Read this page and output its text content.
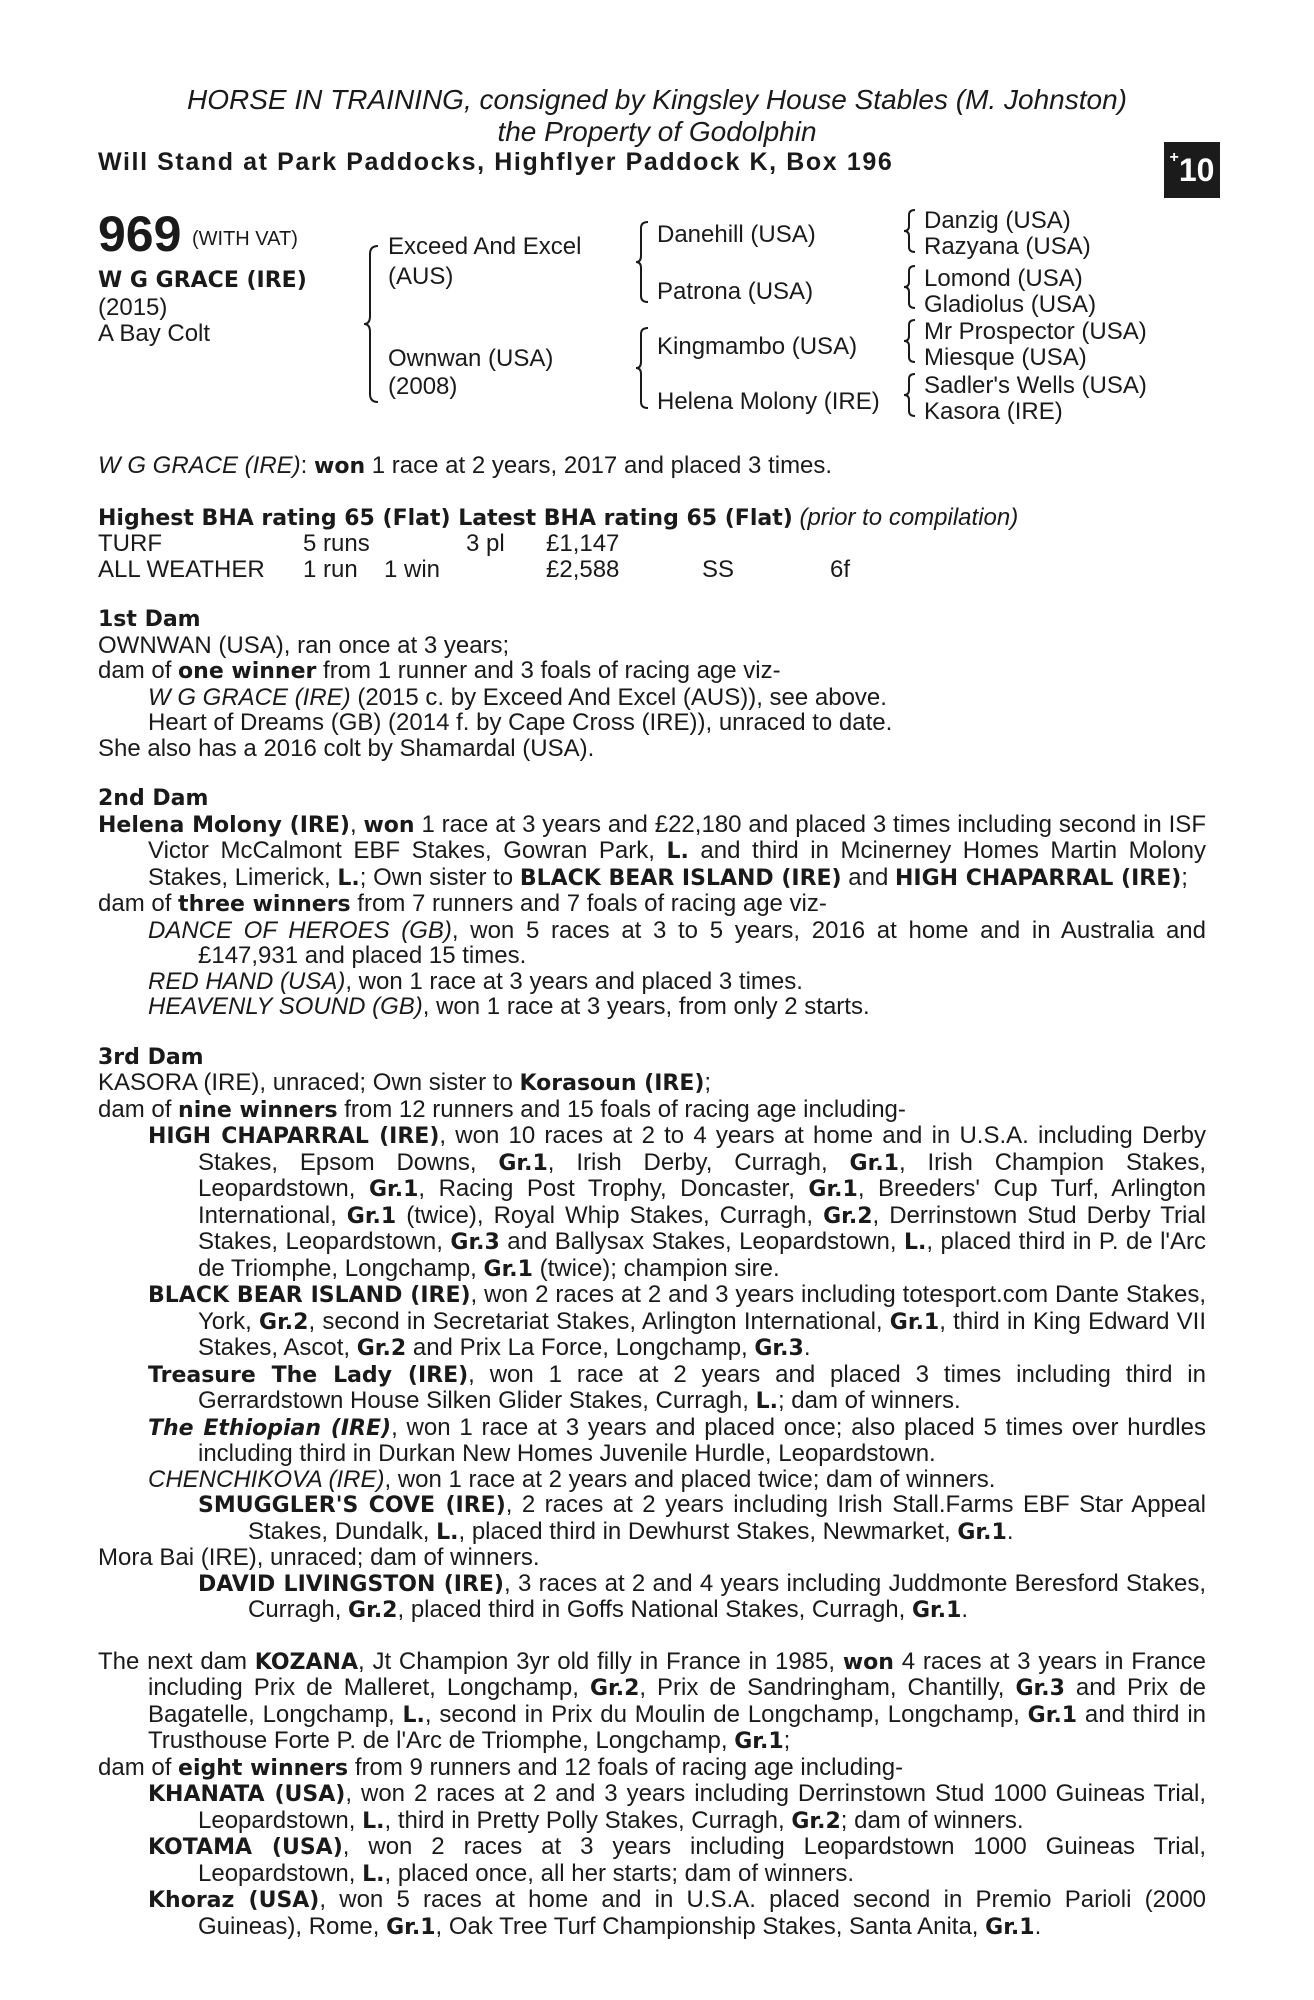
HORSE IN TRAINING, consigned by Kingsley House Stables (M. Johnston)
the Property of Godolphin
Will Stand at Park Paddocks, Highflyer Paddock K, Box 196	+ 10
969 (WITH VAT)
W G GRACE (IRE)
(2015)
A Bay Colt
Exceed And Excel
(AUS)
Ownwan (USA)
(2008)
Danehill (USA)
Patrona (USA)
Kingmambo (USA)
Helena Molony (IRE)
Danzig (USA)
Razyana (USA)
Lomond (USA)
Gladiolus (USA)
Mr Prospector (USA)
Miesque (USA)
Sadler's Wells (USA)
Kasora (IRE)

W G GRACE (IRE): won 1 race at 2 years, 2017 and placed 3 times.

Highest BHA rating 65 (Flat) Latest BHA rating 65 (Flat) (prior to compilation)

TURF	5 runs	3 pl	£1,147
ALL WEATHER	1 run	1 win	£2,588	SS	6f

1st Dam

OWNWAN (USA), ran once at 3 years;

dam of one winner from 1 runner and 3 foals of racing age viz-

W G GRACE (IRE) (2015 c. by Exceed And Excel (AUS)), see above.

Heart of Dreams (GB) (2014 f. by Cape Cross (IRE)), unraced to date.

She also has a 2016 colt by Shamardal (USA).

2nd Dam

Helena Molony (IRE), won 1 race at 3 years and £22,180 and placed 3 times including second in ISF Victor McCalmont EBF Stakes, Gowran Park, L. and third in Mcinerney Homes Martin Molony Stakes, Limerick, L.; Own sister to BLACK BEAR ISLAND (IRE) and HIGH CHAPARRAL (IRE);

dam of three winners from 7 runners and 7 foals of racing age viz-

DANCE OF HEROES (GB), won 5 races at 3 to 5 years, 2016 at home and in Australia and £147,931 and placed 15 times.

RED HAND (USA), won 1 race at 3 years and placed 3 times.

HEAVENLY SOUND (GB), won 1 race at 3 years, from only 2 starts.

3rd Dam

KASORA (IRE), unraced; Own sister to Korasoun (IRE);

dam of nine winners from 12 runners and 15 foals of racing age including-

HIGH CHAPARRAL (IRE), won 10 races at 2 to 4 years at home and in U.S.A. including Derby Stakes, Epsom Downs, Gr.1, Irish Derby, Curragh, Gr.1, Irish Champion Stakes, Leopardstown, Gr.1, Racing Post Trophy, Doncaster, Gr.1, Breeders' Cup Turf, Arlington International, Gr.1 (twice), Royal Whip Stakes, Curragh, Gr.2, Derrinstown Stud Derby Trial Stakes, Leopardstown, Gr.3 and Ballysax Stakes, Leopardstown, L., placed third in P. de l'Arc de Triomphe, Longchamp, Gr.1 (twice); champion sire.

BLACK BEAR ISLAND (IRE), won 2 races at 2 and 3 years including totesport.com Dante Stakes, York, Gr.2, second in Secretariat Stakes, Arlington International, Gr.1, third in King Edward VII Stakes, Ascot, Gr.2 and Prix La Force, Longchamp, Gr.3.

Treasure The Lady (IRE), won 1 race at 2 years and placed 3 times including third in Gerrardstown House Silken Glider Stakes, Curragh, L.; dam of winners.

The Ethiopian (IRE), won 1 race at 3 years and placed once; also placed 5 times over hurdles including third in Durkan New Homes Juvenile Hurdle, Leopardstown.

CHENCHIKOVA (IRE), won 1 race at 2 years and placed twice; dam of winners.

SMUGGLER'S COVE (IRE), 2 races at 2 years including Irish Stall.Farms EBF Star Appeal Stakes, Dundalk, L., placed third in Dewhurst Stakes, Newmarket, Gr.1.

Mora Bai (IRE), unraced; dam of winners.

DAVID LIVINGSTON (IRE), 3 races at 2 and 4 years including Juddmonte Beresford Stakes, Curragh, Gr.2, placed third in Goffs National Stakes, Curragh, Gr.1.

The next dam KOZANA, Jt Champion 3yr old filly in France in 1985, won 4 races at 3 years in France including Prix de Malleret, Longchamp, Gr.2, Prix de Sandringham, Chantilly, Gr.3 and Prix de Bagatelle, Longchamp, L., second in Prix du Moulin de Longchamp, Longchamp, Gr.1 and third in Trusthouse Forte P. de l'Arc de Triomphe, Longchamp, Gr.1;

dam of eight winners from 9 runners and 12 foals of racing age including-

KHANATA (USA), won 2 races at 2 and 3 years including Derrinstown Stud 1000 Guineas Trial, Leopardstown, L., third in Pretty Polly Stakes, Curragh, Gr.2; dam of winners.

KOTAMA (USA), won 2 races at 3 years including Leopardstown 1000 Guineas Trial, Leopardstown, L., placed once, all her starts; dam of winners.

Khoraz (USA), won 5 races at home and in U.S.A. placed second in Premio Parioli (2000 Guineas), Rome, Gr.1, Oak Tree Turf Championship Stakes, Santa Anita, Gr.1.
